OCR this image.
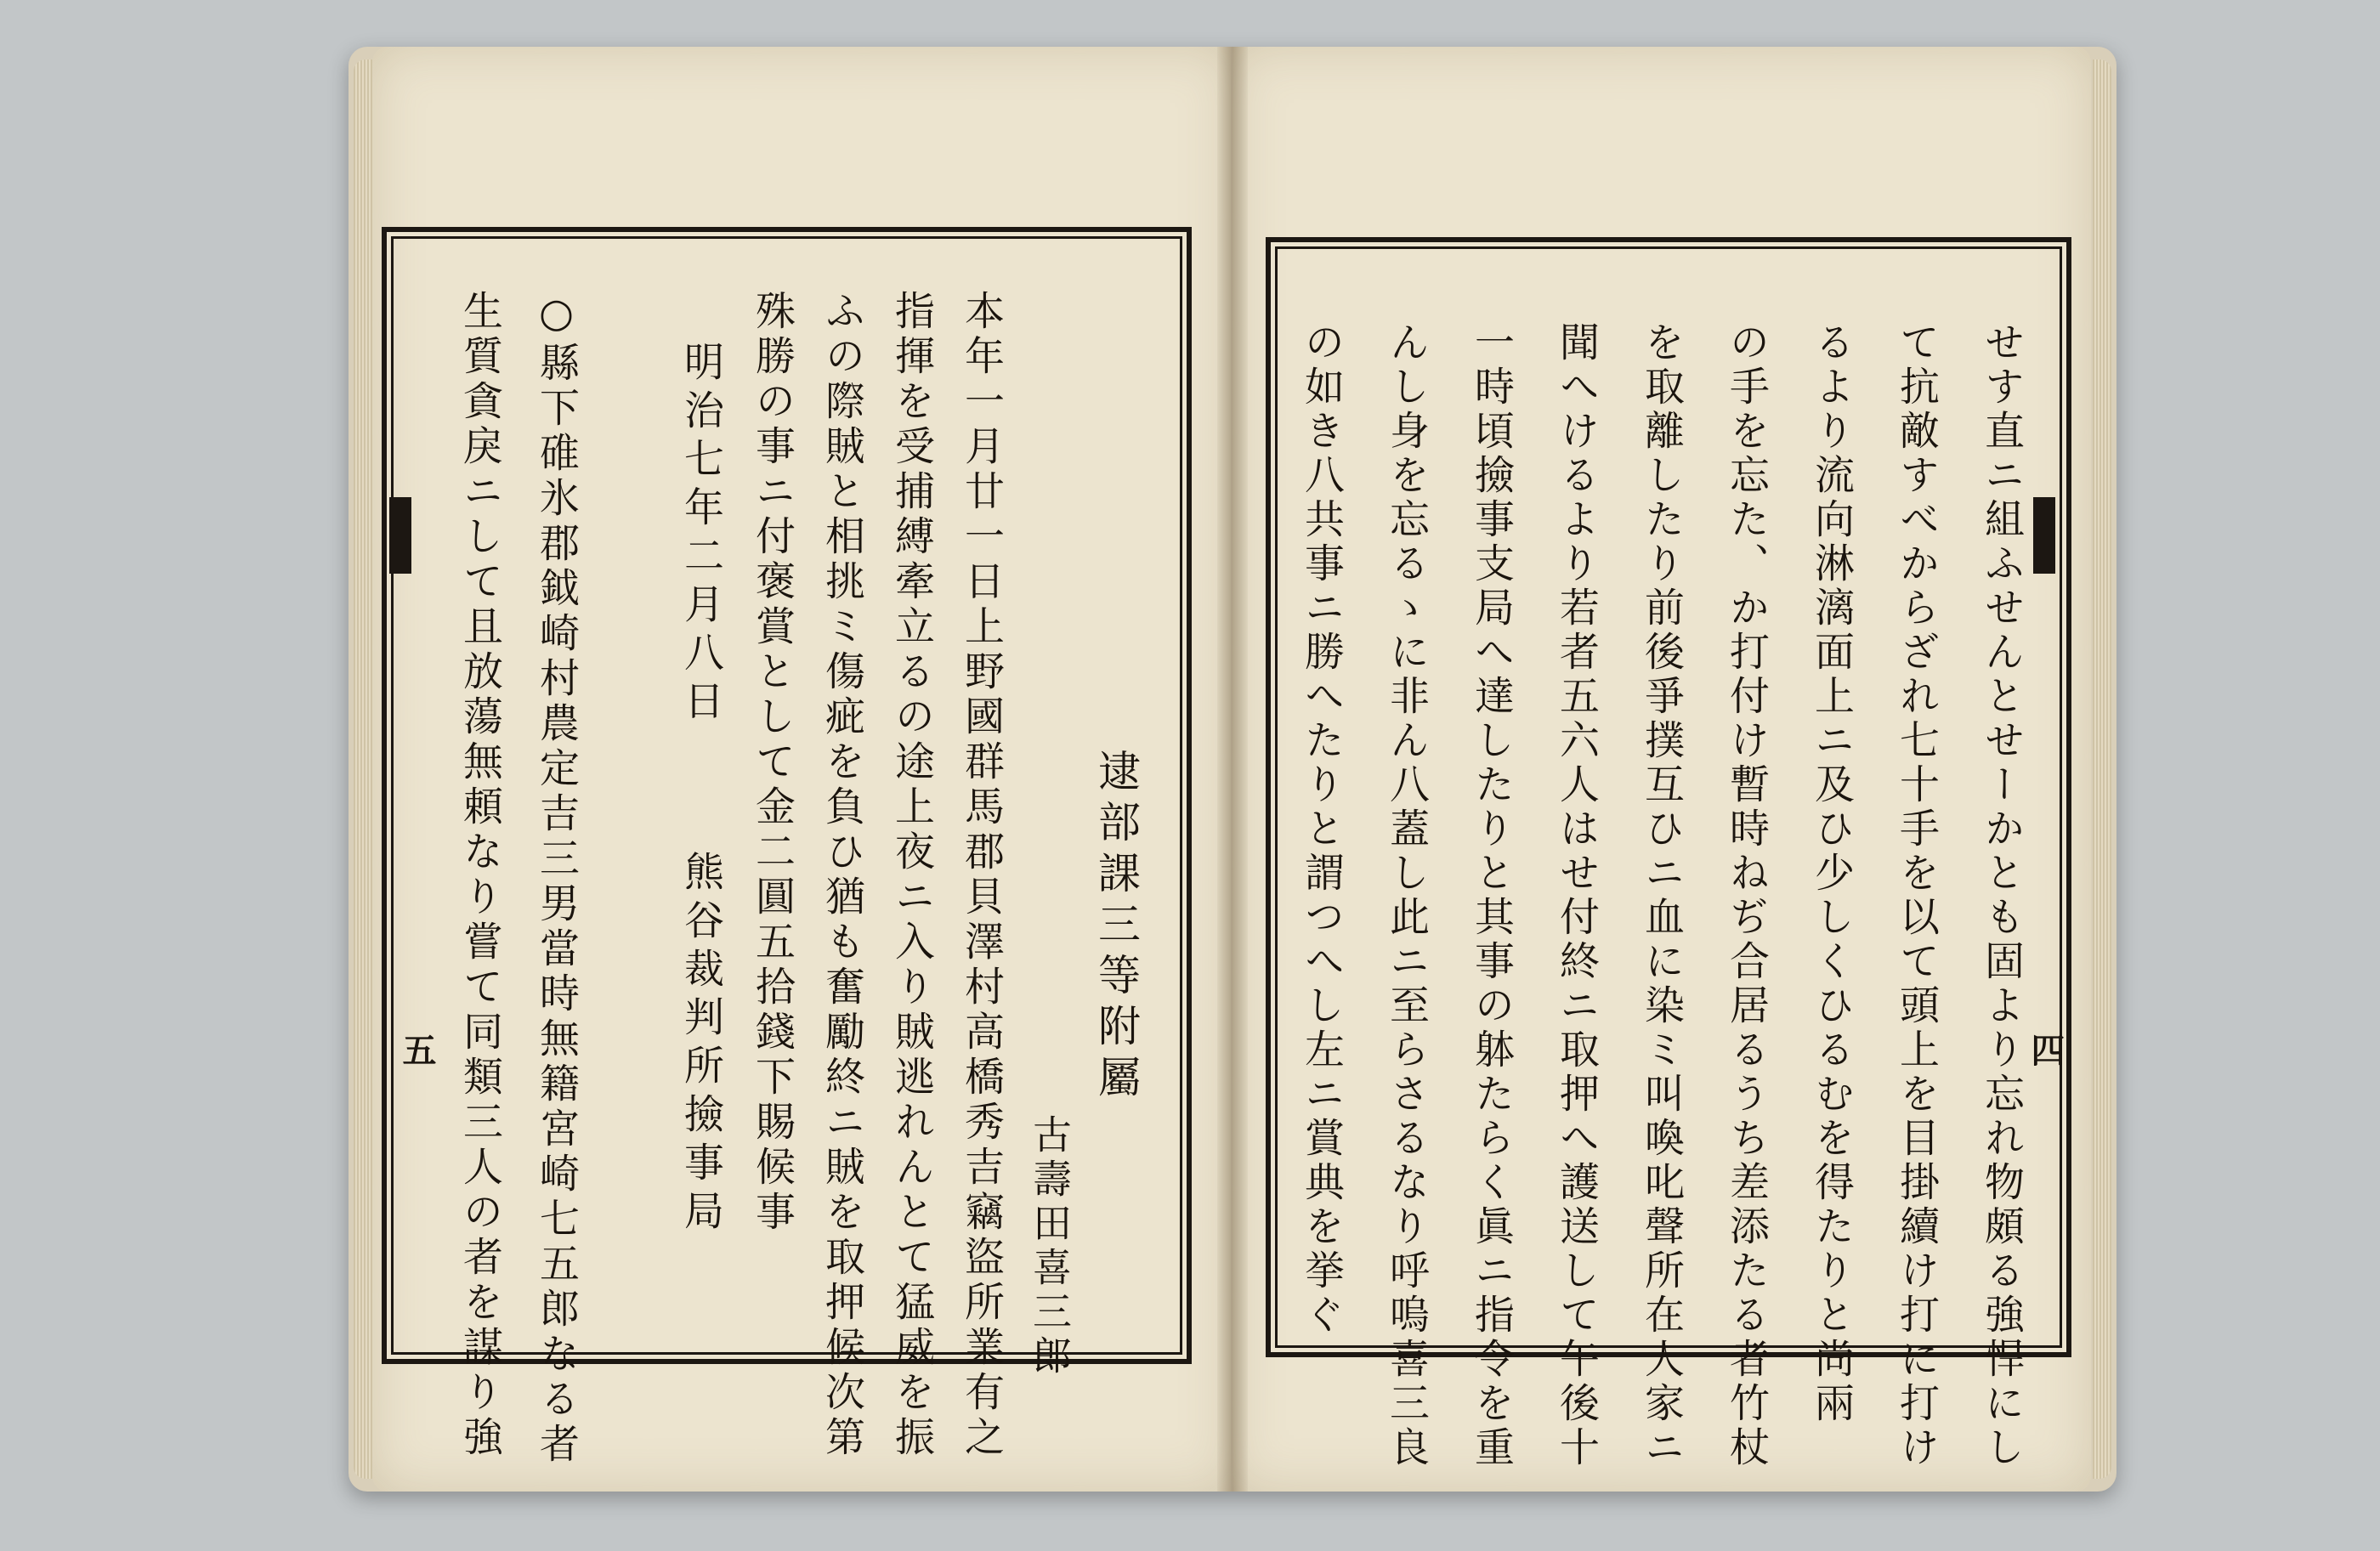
逮部課三等附屬
古壽田喜三郎
本年一月廿一日上野國群馬郡貝澤村高橋秀吉竊盜所業有之
指揮を受捕縛牽立るの途上夜ニ入り賊逃れんとて猛威を振
ふの際賊と相挑ミ傷疵を負ひ猶も奮勵終ニ賊を取押候次第
殊勝の事ニ付褒賞として金二圓五拾錢下賜候事
明治七年二月八日
熊谷裁判所撿事局
○縣下碓氷郡鉞崎村農定吉三男當時無籍宮崎七五郎なる者
生質貪戾ニして且放蕩無頼なり嘗て同類三人の者を謀り強
五	せす直ニ組ふせんとせーかとも固より忘れ物頗る強悍にし
て抗敵すべからざれ七十手を以て頭上を目掛續け打に打け
るより流向淋漓面上ニ及ひ少しくひるむを得たりと尚兩
の手を忘た、か打付け暫時ねぢ合居るうち差添たる者竹杖
を取離したり前後爭撲互ひニ血に染ミ叫喚叱聲所在人家ニ
聞へけるより若者五六人はせ付終ニ取押へ護送して午後十
一時頃撿事支局へ達したりと其事の躰たらく眞ニ指令を重
んし身を忘るゝに非ん八蓋し此ニ至らさるなり呼嗚喜三良
の如き八共事ニ勝へたりと謂つへし左ニ賞典を挙ぐ	四
